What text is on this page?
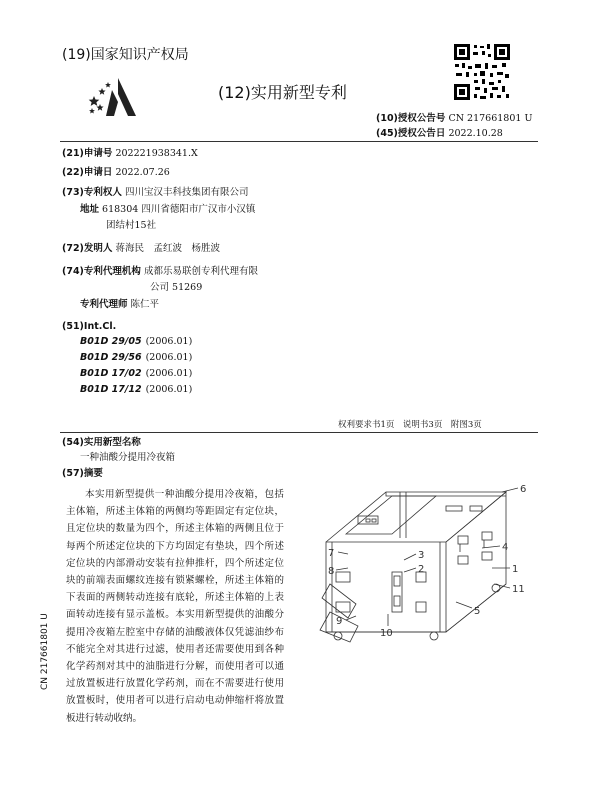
(19)国家知识产权局
(12)实用新型专利
(10)授权公告号 CN 217661801 U
(45)授权公告日 2022.10.28
(21)申请号 202221938341.X
(22)申请日 2022.07.26
(73)专利权人 四川宝汉丰科技集团有限公司
地址 618304 四川省德阳市广汉市小汉镇
团结村15社
(72)发明人 蒋海民　孟红波　杨胜波
(74)专利代理机构 成都乐易联创专利代理有限
公司 51269
专利代理师 陈仁平
(51)Int.Cl.
B01D 29/05 (2006.01)
B01D 29/56 (2006.01)
B01D 17/02 (2006.01)
B01D 17/12 (2006.01)
权利要求书1页　说明书3页　附图3页
(54)实用新型名称
一种油酸分提用冷夜箱
(57)摘要
本实用新型提供一种油酸分提用冷夜箱，包括主体箱，所述主体箱的两侧均等距固定有定位块，且定位块的数量为四个，所述主体箱的两侧且位于每两个所述定位块的下方均固定有垫块，四个所述定位块的内部滑动安装有拉伸推杆，四个所述定位块的前端表面螺纹连接有锁紧螺栓，所述主体箱的下表面的两侧转动连接有底轮，所述主体箱的上表面转动连接有显示盖板。本实用新型提供的油酸分提用冷夜箱左腔室中存储的油酸液体仅凭滤油纱布不能完全对其进行过滤，使用者还需要使用到各种化学药剂对其中的油脂进行分解，而使用者可以通过放置板进行放置化学药剂，而在不需要进行使用放置板时，使用者可以进行启动电动伸缩杆将放置板进行转动收纳。
6
7
8
3
2
4
1
11
9
10
5
CN 217661801 U
